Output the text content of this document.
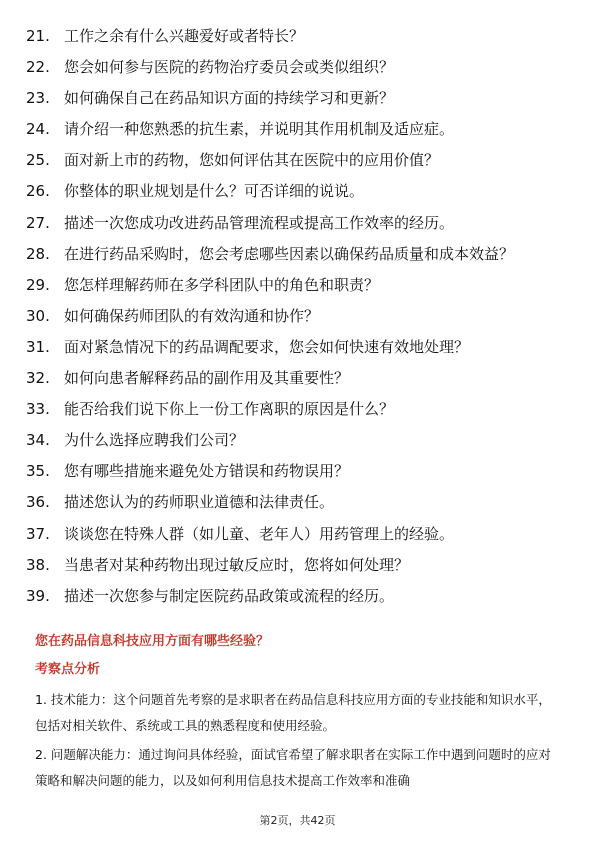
21. 工作之余有什么兴趣爱好或者特长？
22. 您会如何参与医院的药物治疗委员会或类似组织？
23. 如何确保自己在药品知识方面的持续学习和更新？
24. 请介绍一种您熟悉的抗生素，并说明其作用机制及适应症。
25. 面对新上市的药物，您如何评估其在医院中的应用价值？
26. 你整体的职业规划是什么？可否详细的说说。
27. 描述一次您成功改进药品管理流程或提高工作效率的经历。
28. 在进行药品采购时，您会考虑哪些因素以确保药品质量和成本效益？
29. 您怎样理解药师在多学科团队中的角色和职责？
30. 如何确保药师团队的有效沟通和协作？
31. 面对紧急情况下的药品调配要求，您会如何快速有效地处理？
32. 如何向患者解释药品的副作用及其重要性？
33. 能否给我们说下你上一份工作离职的原因是什么？
34. 为什么选择应聘我们公司？
35. 您有哪些措施来避免处方错误和药物误用？
36. 描述您认为的药师职业道德和法律责任。
37. 谈谈您在特殊人群（如儿童、老年人）用药管理上的经验。
38. 当患者对某种药物出现过敏反应时，您将如何处理？
39. 描述一次您参与制定医院药品政策或流程的经历。
您在药品信息科技应用方面有哪些经验？
考察点分析

1. 技术能力：这个问题首先考察的是求职者在药品信息科技应用方面的专业技能和知识水平，包括对相关软件、系统或工具的熟悉程度和使用经验。

2. 问题解决能力：通过询问具体经验，面试官希望了解求职者在实际工作中遇到问题时的应对策略和解决问题的能力，以及如何利用信息技术提高工作效率和准确

第2页，共42页
